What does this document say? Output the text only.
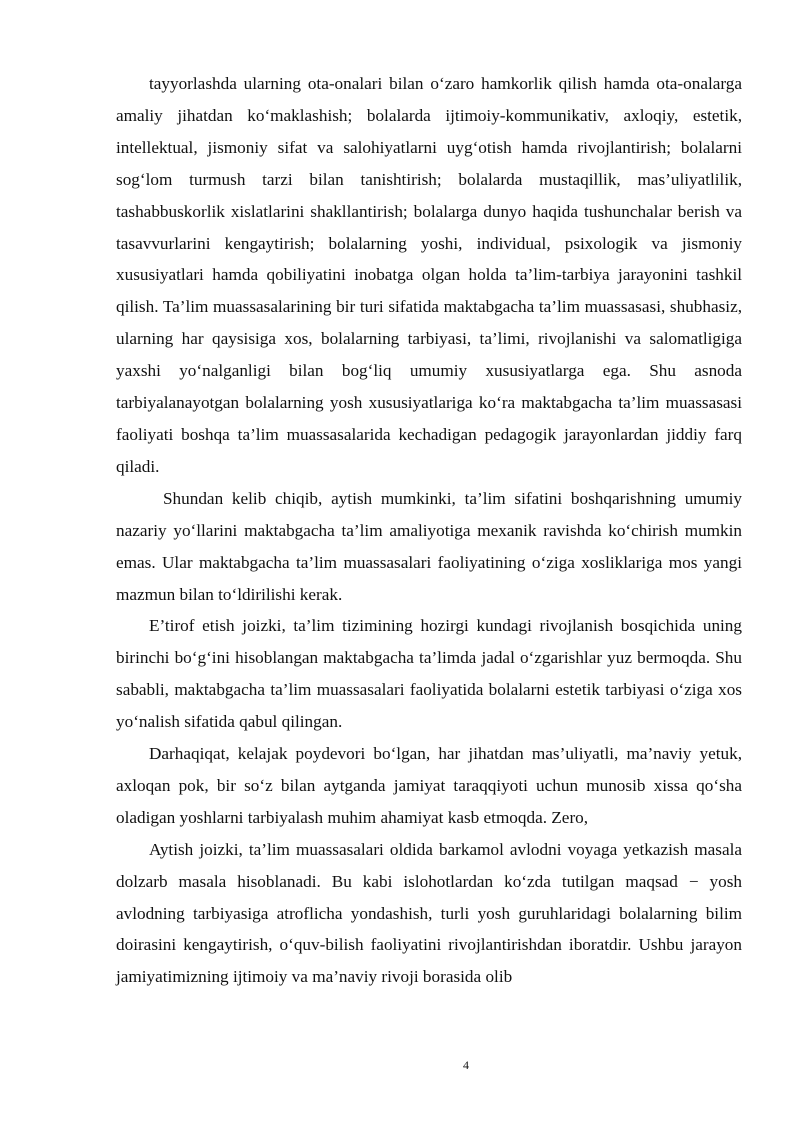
tayyorlashda ularning ota-onalari bilan o‘zaro hamkorlik qilish hamda ota-onalarga amaliy jihatdan ko‘maklashish; bolalarda ijtimoiy-kommunikativ, axloqiy, estetik, intellektual, jismoniy sifat va salohiyatlarni uyg‘otish hamda rivojlantirish; bolalarni sog‘lom turmush tarzi bilan tanishtirish; bolalarda mustaqillik, mas’uliyatlilik, tashabbuskorlik xislatlarini shakllantirish; bolalarga dunyo haqida tushunchalar berish va tasavvurlarini kengaytirish; bolalarning yoshi, individual, psixologik va jismoniy xususiyatlari hamda qobiliyatini inobatga olgan holda ta’lim-tarbiya jarayonini tashkil qilish. Ta’lim muassasalarining bir turi sifatida maktabgacha ta’lim muassasasi, shubhasiz, ularning har qaysisiga xos, bolalarning tarbiyasi, ta’limi, rivojlanishi va salomatligiga yaxshi yo‘nalganligi bilan bog‘liq umumiy xususiyatlarga ega. Shu asnoda tarbiyalanayotgan bolalarning yosh xususiyatlariga ko‘ra maktabgacha ta’lim muassasasi faoliyati boshqa ta’lim muassasalarida kechadigan pedagogik jarayonlardan jiddiy farq qiladi.

Shundan kelib chiqib, aytish mumkinki, ta’lim sifatini boshqarishning umumiy nazariy yo‘llarini maktabgacha ta’lim amaliyotiga mexanik ravishda ko‘chirish mumkin emas. Ular maktabgacha ta’lim muassasalari faoliyatining o‘ziga xosliklariga mos yangi mazmun bilan to‘ldirilishi kerak.

E’tirof etish joizki, ta’lim tizimining hozirgi kundagi rivojlanish bosqichida uning birinchi bo‘g‘ini hisoblangan maktabgacha ta’limda jadal o‘zgarishlar yuz bermoqda. Shu sababli, maktabgacha ta’lim muassasalari faoliyatida bolalarni estetik tarbiyasi o‘ziga xos yo‘nalish sifatida qabul qilingan.

Darhaqiqat, kelajak poydevori bo‘lgan, har jihatdan mas’uliyatli, ma’naviy yetuk, axloqan pok, bir so‘z bilan aytganda jamiyat taraqqiyoti uchun munosib xissa qo‘sha oladigan yoshlarni tarbiyalash muhim ahamiyat kasb etmoqda. Zero,

Aytish joizki, ta’lim muassasalari oldida barkamol avlodni voyaga yetkazish masala dolzarb masala hisoblanadi. Bu kabi islohotlardan ko‘zda tutilgan maqsad − yosh avlodning tarbiyasiga atroflicha yondashish, turli yosh guruhlaridagi bolalarning bilim doirasini kengaytirish, o‘quv-bilish faoliyatini rivojlantirishdan iboratdir. Ushbu jarayon jamiyatimizning ijtimoiy va ma’naviy rivoji borasida olib

4
